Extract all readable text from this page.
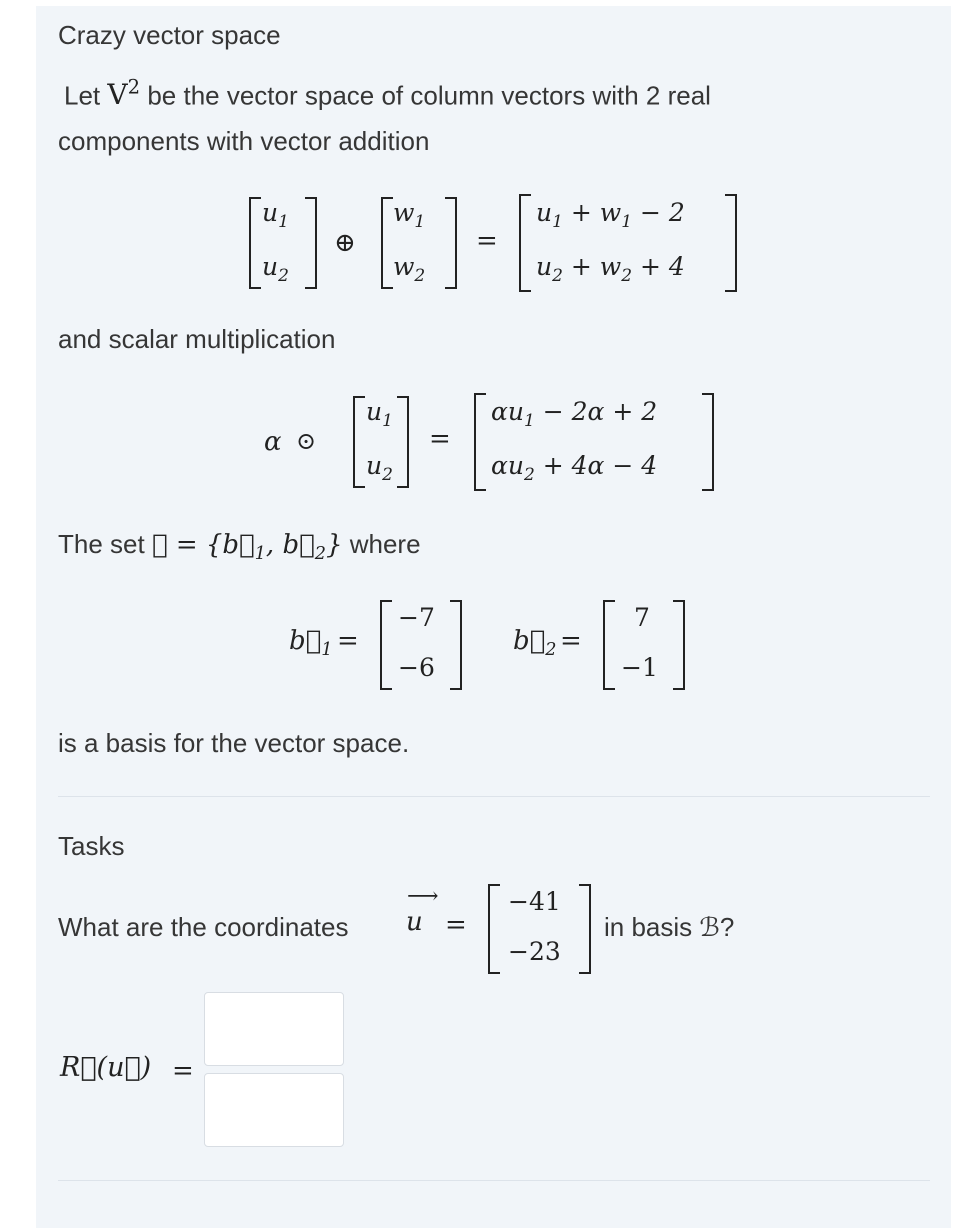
Crazy vector space
Let $V^2$ be the vector space of column vectors with 2 real
components with vector addition
$u_1$
$u_2$
⊕
$w_1$
$w_2$
=
$u_1 + w_1 - 2$
$u_2 + w_2 + 4$
and scalar multiplication
α ⊙
$u_1$
$u_2$
=
$\alpha u_1 - 2\alpha + 2$
$\alpha u_2 + 4\alpha - 4$
The set ℬ = {$b⃗_1$, $b⃗_2$} where
$b⃗_1$ =
−7
−6
$b⃗_2$ =
7
−1
is a basis for the vector space.
Tasks
What are the coordinates
⟶
u =
−41
−23
in basis ℬ?
Rℬ(u⃗) =
